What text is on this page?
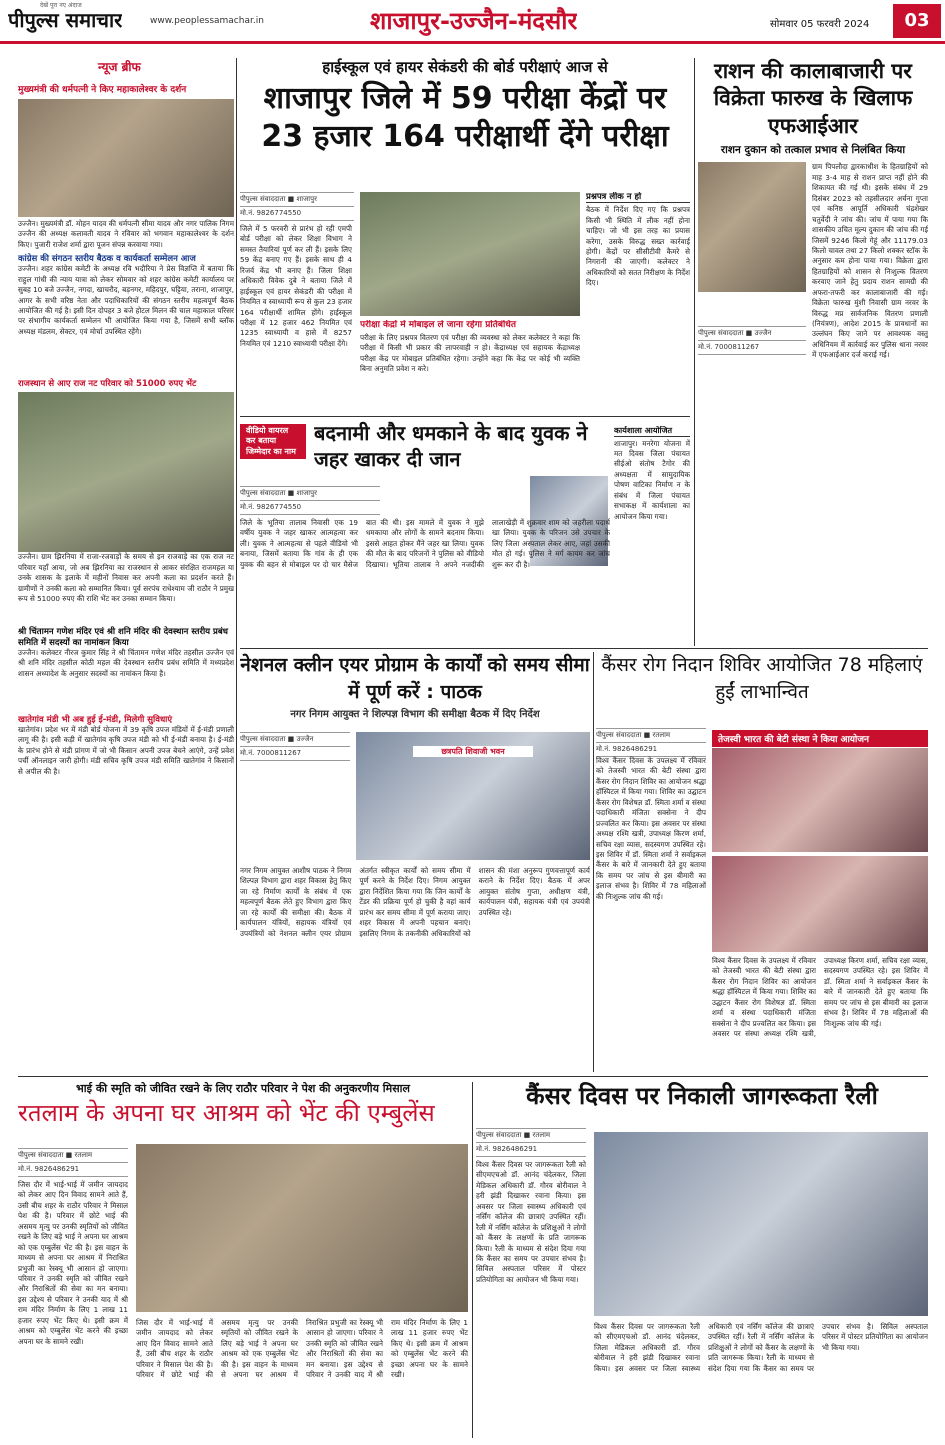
पीपुल्स समाचार
देखें पूरा नए अंदाज
www.peoplessamachar.in	शाजापुर-उज्जैन-मंदसौर	सोमवार 05 फरवरी 2024	03
न्यूज ब्रीफ
मुख्यमंत्री की धर्मपत्नी ने किए महाकालेश्वर के दर्शन
उज्जैन। मुख्यमंत्री डॉ. मोहन यादव की धर्मपत्नी सीमा यादव और नगर पालिक निगम उज्जैन की अध्यक्ष कलावती यादव ने रविवार को भगवान महाकालेश्वर के दर्शन किए। पुजारी राजेश शर्मा द्वारा पूजन संपन्न करवाया गया।
कांग्रेस की संगठन स्तरीय बैठक व कार्यकर्ता सम्मेलन आज
उज्जैन। शहर कांग्रेस कमेटी के अध्यक्ष रवि भदौरिया ने प्रेस विज्ञप्ति में बताया कि राहुल गांधी की न्याय यात्रा को लेकर सोमवार को शहर कांग्रेस कमेटी कार्यालय पर सुबह 10 बजे उज्जैन, नगदा, खाचरौद, बड़नगर, महिदपुर, घट्टिया, तराना, शाजापुर, आगर के सभी वरिष्ठ नेता और पदाधिकारियों की संगठन स्तरीय महत्वपूर्ण बैठक आयोजित की गई है। इसी दिन दोपहर 3 बजे होटल मिलन की चाल महाकाल परिसर पर संभागीय कार्यकर्ता सम्मेलन भी आयोजित किया गया है, जिसमें सभी ब्लॉक अध्यक्ष मंडलम, सेक्टर, एवं मोर्चा उपस्थित रहेंगे।
राजस्थान से आए राज नट परिवार को 51000 रुपए भेंट
उज्जैन। ग्राम झिरनिया में राजा-रजवाड़ों के समय से इन राजवाड़े का एक राज नट परिवार यहाँ आया, जो अब झिरनिया का राजस्थान से आकर संरक्षित राजमहल या उनके शासक के इलाके में महीनों निवास कर अपनी कला का प्रदर्शन करते हैं। ग्रामीणों ने उनकी कला को सम्मानित किया। पूर्व सरपंच राधेश्याम जी राठौर ने प्रमुख रूप से 51000 रुपए की राशि भेंट कर उनका सम्मान किया।
श्री चिंतामन गणेश मंदिर एवं श्री शनि मंदिर की देवस्थान स्तरीय प्रबंध समिति में सदस्यों का नामांकन किया
उज्जैन। कलेक्टर नीरज कुमार सिंह ने श्री चिंतामन गणेश मंदिर तहसील उज्जैन एवं श्री शनि मंदिर तहसील कोठी महल की देवस्थान स्तरीय प्रबंध समिति में मध्यप्रदेश शासन अध्यादेश के अनुसार सदस्यों का नामांकन किया है।
खातेगांव मंडी भी अब हुई ई-मंडी, मिलेगी सुविधाएं
खातेगांव। प्रदेश भर में मंडी बोर्ड योजना में 39 कृषि उपज मंडियों में ई-मंडी प्रणाली लागू की है। इसी कड़ी में खातेगांव कृषि उपज मंडी को भी ई-मंडी बनाया है। ई-मंडी के प्रारंभ होने से मंडी प्रांगण में जो भी किसान अपनी उपज बेचने आएंगे, उन्हें प्रवेश पर्ची ऑनलाइन जारी होगी। मंडी सचिव कृषि उपज मंडी समिति खातेगांव ने किसानों से अपील की है।
हाईस्कूल एवं हायर सेकंडरी की बोर्ड परीक्षाएं आज से
शाजापुर जिले में 59 परीक्षा केंद्रों पर 23 हजार 164 परीक्षार्थी देंगे परीक्षा
पीपुल्स संवाददाता ■ शाजापुर
मो.नं. 9826774550
जिले में 5 फरवरी से प्रारंभ हो रही एमपी बोर्ड परीक्षा को लेकर शिक्षा विभाग ने समस्त तैयारियां पूर्ण कर ली हैं। इसके लिए 59 केंद्र बनाए गए हैं। इसके साथ ही 4 रिजर्व केंद्र भी बनाए हैं। जिला शिक्षा अधिकारी विवेक दुबे ने बताया जिले में हाईस्कूल एवं हायर सेकंडरी की परीक्षा में नियमित व स्वाध्यायी रूप से कुल 23 हजार 164 परीक्षार्थी शामिल होंगे। हाईस्कूल परीक्षा में 12 हजार 462 नियमित एवं 1235 स्वाध्यायी व हासे में 8257 नियमित एवं 1210 स्वाध्यायी परीक्षा देंगे।
परीक्षा केंद्रों में मोबाइल ले जाना रहेगा प्रतिबंधित
परीक्षा के लिए प्रश्नपत्र वितरण एवं परीक्षा की व्यवस्था को लेकर कलेक्टर ने कहा कि परीक्षा में किसी भी प्रकार की लापरवाही न हो। केंद्राध्यक्ष एवं सहायक केंद्राध्यक्ष परीक्षा केंद्र पर मोबाइल प्रतिबंधित रहेगा। उन्होंने कहा कि केंद्र पर कोई भी व्यक्ति बिना अनुमति प्रवेश न करे।
प्रश्नपत्र लीक न हो
बैठक में निर्देश दिए गए कि प्रश्नपत्र किसी भी स्थिति में लीक नहीं होना चाहिए। जो भी इस तरह का प्रयास करेगा, उसके विरुद्ध सख्त कार्रवाई होगी। केंद्रों पर सीसीटीवी कैमरे से निगरानी की जाएगी। कलेक्टर ने अधिकारियों को सतत निरीक्षण के निर्देश दिए।
राशन की कालाबाजारी पर विक्रेता फारुख के खिलाफ एफआईआर
राशन दुकान को तत्काल प्रभाव से निलंबित किया
ग्राम पिपलौदा द्वारकाधीश के हितग्राहियों को माह 3-4 माह से राशन प्राप्त नहीं होने की शिकायत की गई थी। इसके संबंध में 29 दिसंबर 2023 को तहसीलदार अर्चना गुप्ता एवं कनिष्ठ आपूर्ति अधिकारी चंद्रशेखर चतुर्वेदी ने जांच की। जांच में पाया गया कि शासकीय उचित मूल्य दुकान की जांच की गई जिसमें 9246 किलो गेहूं और 11179.03 किलो चावल तथा 27 किलो शक्कर स्टॉक के अनुसार कम होना पाया गया। विक्रेता द्वारा हितग्राहियों को शासन से निःशुल्क वितरण करवाए जाने हेतु प्रदाय राशन सामग्री की अफरा-तफरी कर कालाबाजारी की गई। विक्रेता फारुख मुंशी निवासी ग्राम नरवर के विरुद्ध मप्र सार्वजनिक वितरण प्रणाली (नियंत्रण), आदेश 2015 के प्रावधानों का उल्लंघन किए जाने पर आवश्यक वस्तु अधिनियम में कार्रवाई कर पुलिस थाना नरवर में एफआईआर दर्ज कराई गई।
पीपुल्स संवाददाता ■ उज्जैन
मो.नं. 7000811267
वीडियो वायरल कर बताया जिम्मेदार का नाम
बदनामी और धमकाने के बाद युवक ने जहर खाकर दी जान
पीपुल्स संवाददाता ■ शाजापुर
मो.नं. 9826774550
जिले के भूतिया तालाब निवासी एक 19 वर्षीय युवक ने जहर खाकर आत्महत्या कर ली। युवक ने आत्महत्या से पहले वीडियो भी बनाया, जिसमें बताया कि गांव के ही एक युवक की बहन से मोबाइल पर दो चार मैसेज बात की थी। इस मामले में युवक ने मुझे धमकाया और लोगों के सामने बदनाम किया। इससे आहत होकर मैंने जहर खा लिया। युवक की मौत के बाद परिजनों ने पुलिस को वीडियो दिखाया। भूतिया तालाब ने अपने नजदीकी लालाखेड़ी में शुक्रवार शाम को जहरीला पदार्थ खा लिया। युवक के परिजन उसे उपचार के लिए जिला अस्पताल लेकर आए, जहां उसकी मौत हो गई। पुलिस ने मर्ग कायम कर जांच शुरू कर दी है।
कार्यशाला आयोजित
शाजापुर। मनरेगा योजना में मत दिवस जिला पंचायत सीईओ संतोष टैगोर की अध्यक्षता में सामुदायिक पोषण वाटिका निर्माण न के संबंध में जिला पंचायत सभाकक्ष में कार्यशाला का आयोजन किया गया।
नेशनल क्लीन एयर प्रोग्राम के कार्यों को समय सीमा में पूर्ण करें : पाठक
नगर निगम आयुक्त ने शिल्पज्ञ विभाग की समीक्षा बैठक में दिए निर्देश
पीपुल्स संवाददाता ■ उज्जैन
मो.नं. 7000811267	छत्रपति शिवाजी भवन
नगर निगम आयुक्त आशीष पाठक ने निगम शिल्पज्ञ विभाग द्वारा शहर विकास हेतु किए जा रहे निर्माण कार्यों के संबंध में एक महत्वपूर्ण बैठक लेते हुए विभाग द्वारा किए जा रहे कार्यों की समीक्षा की। बैठक में कार्यपालन यंत्रियों, सहायक यंत्रियों एवं उपयंत्रियों को नेशनल क्लीन एयर प्रोग्राम अंतर्गत स्वीकृत कार्यों को समय सीमा में पूर्ण करने के निर्देश दिए। निगम आयुक्त द्वारा निर्देशित किया गया कि जिन कार्यों के टेंडर की प्रक्रिया पूर्ण हो चुकी है वहां कार्य प्रारंभ कर समय सीमा में पूर्ण कराया जाए। शहर विकास में अपनी पहचान बनाएं। इसलिए निगम के तकनीकी अधिकारियों को शासन की मंशा अनुरूप गुणवत्तापूर्ण कार्य कराने के निर्देश दिए। बैठक में अपर आयुक्त संतोष गुप्ता, अधीक्षण यंत्री, कार्यपालन यंत्री, सहायक यंत्री एवं उपयंत्री उपस्थित रहे।
कैंसर रोग निदान शिविर आयोजित 78 महिलाएं हुईं लाभान्वित
पीपुल्स संवाददाता ■ रतलाम
मो.नं. 9826486291
तेजस्वी भारत की बेटी संस्था ने किया आयोजन
विश्व कैंसर दिवस के उपलक्ष्य में रविवार को तेजस्वी भारत की बेटी संस्था द्वारा कैंसर रोग निदान शिविर का आयोजन श्रद्धा हॉस्पिटल में किया गया। शिविर का उद्घाटन कैंसर रोग विशेषज्ञ डॉ. स्मिता शर्मा व संस्था पदाधिकारी मंजिता सक्सेना ने दीप प्रज्वलित कर किया। इस अवसर पर संस्था अध्यक्ष रश्मि खत्री, उपाध्यक्ष किरण शर्मा, सचिव रक्षा व्यास, सदस्यगण उपस्थित रहे। इस शिविर में डॉ. स्मिता शर्मा ने सर्वाइकल कैंसर के बारे में जानकारी देते हुए बताया कि समय पर जांच से इस बीमारी का इलाज संभव है। शिविर में 78 महिलाओं की निःशुल्क जांच की गई।
विश्व कैंसर दिवस के उपलक्ष्य में रविवार को तेजस्वी भारत की बेटी संस्था द्वारा कैंसर रोग निदान शिविर का आयोजन श्रद्धा हॉस्पिटल में किया गया। शिविर का उद्घाटन कैंसर रोग विशेषज्ञ डॉ. स्मिता शर्मा व संस्था पदाधिकारी मंजिता सक्सेना ने दीप प्रज्वलित कर किया। इस अवसर पर संस्था अध्यक्ष रश्मि खत्री, उपाध्यक्ष किरण शर्मा, सचिव रक्षा व्यास, सदस्यगण उपस्थित रहे। इस शिविर में डॉ. स्मिता शर्मा ने सर्वाइकल कैंसर के बारे में जानकारी देते हुए बताया कि समय पर जांच से इस बीमारी का इलाज संभव है। शिविर में 78 महिलाओं की निःशुल्क जांच की गई।
भाई की स्मृति को जीवित रखने के लिए राठौर परिवार ने पेश की अनुकरणीय मिसाल
रतलाम के अपना घर आश्रम को भेंट की एम्बुलेंस
पीपुल्स संवाददाता ■ रतलाम
मो.नं. 9826486291
जिस दौर में भाई-भाई में जमीन जायदाद को लेकर आए दिन विवाद सामने आते हैं, उसी बीच शहर के राठौर परिवार ने मिसाल पेश की है। परिवार में छोटे भाई की असमय मृत्यु पर उनकी स्मृतियों को जीवित रखने के लिए बड़े भाई ने अपना घर आश्रम को एक एम्बुलेंस भेंट की है। इस वाहन के माध्यम से अपना घर आश्रम में निराश्रित प्रभुजी का रेस्क्यू भी आसान हो जाएगा। परिवार ने उनकी स्मृति को जीवित रखने और निराश्रितों की सेवा का मन बनाया। इस उद्देश्य से परिवार ने उनकी याद में श्री राम मंदिर निर्माण के लिए 1 लाख 11 हजार रुपए भेंट किए थे। इसी क्रम में आश्रम को एम्बुलेंस भेंट करने की इच्छा अपना घर के सामने रखी।
जिस दौर में भाई-भाई में जमीन जायदाद को लेकर आए दिन विवाद सामने आते हैं, उसी बीच शहर के राठौर परिवार ने मिसाल पेश की है। परिवार में छोटे भाई की असमय मृत्यु पर उनकी स्मृतियों को जीवित रखने के लिए बड़े भाई ने अपना घर आश्रम को एक एम्बुलेंस भेंट की है। इस वाहन के माध्यम से अपना घर आश्रम में निराश्रित प्रभुजी का रेस्क्यू भी आसान हो जाएगा। परिवार ने उनकी स्मृति को जीवित रखने और निराश्रितों की सेवा का मन बनाया। इस उद्देश्य से परिवार ने उनकी याद में श्री राम मंदिर निर्माण के लिए 1 लाख 11 हजार रुपए भेंट किए थे। इसी क्रम में आश्रम को एम्बुलेंस भेंट करने की इच्छा अपना घर के सामने रखी।
कैंसर दिवस पर निकाली जागरूकता रैली
पीपुल्स संवाददाता ■ रतलाम
मो.नं. 9826486291
विश्व कैंसर दिवस पर जागरूकता रैली को सीएमएचओ डॉ. आनंद चंदेलकर, जिला मेडिकल अधिकारी डॉ. गौरव बोरीवाल ने हरी झंडी दिखाकर रवाना किया। इस अवसर पर जिला स्वास्थ्य अधिकारी एवं नर्सिंग कॉलेज की छात्राएं उपस्थित रहीं। रैली में नर्सिंग कॉलेज के प्रशिक्षुओं ने लोगों को कैंसर के लक्षणों के प्रति जागरूक किया। रैली के माध्यम से संदेश दिया गया कि कैंसर का समय पर उपचार संभव है। सिविल अस्पताल परिसर में पोस्टर प्रतियोगिता का आयोजन भी किया गया।
विश्व कैंसर दिवस पर जागरूकता रैली को सीएमएचओ डॉ. आनंद चंदेलकर, जिला मेडिकल अधिकारी डॉ. गौरव बोरीवाल ने हरी झंडी दिखाकर रवाना किया। इस अवसर पर जिला स्वास्थ्य अधिकारी एवं नर्सिंग कॉलेज की छात्राएं उपस्थित रहीं। रैली में नर्सिंग कॉलेज के प्रशिक्षुओं ने लोगों को कैंसर के लक्षणों के प्रति जागरूक किया। रैली के माध्यम से संदेश दिया गया कि कैंसर का समय पर उपचार संभव है। सिविल अस्पताल परिसर में पोस्टर प्रतियोगिता का आयोजन भी किया गया।
